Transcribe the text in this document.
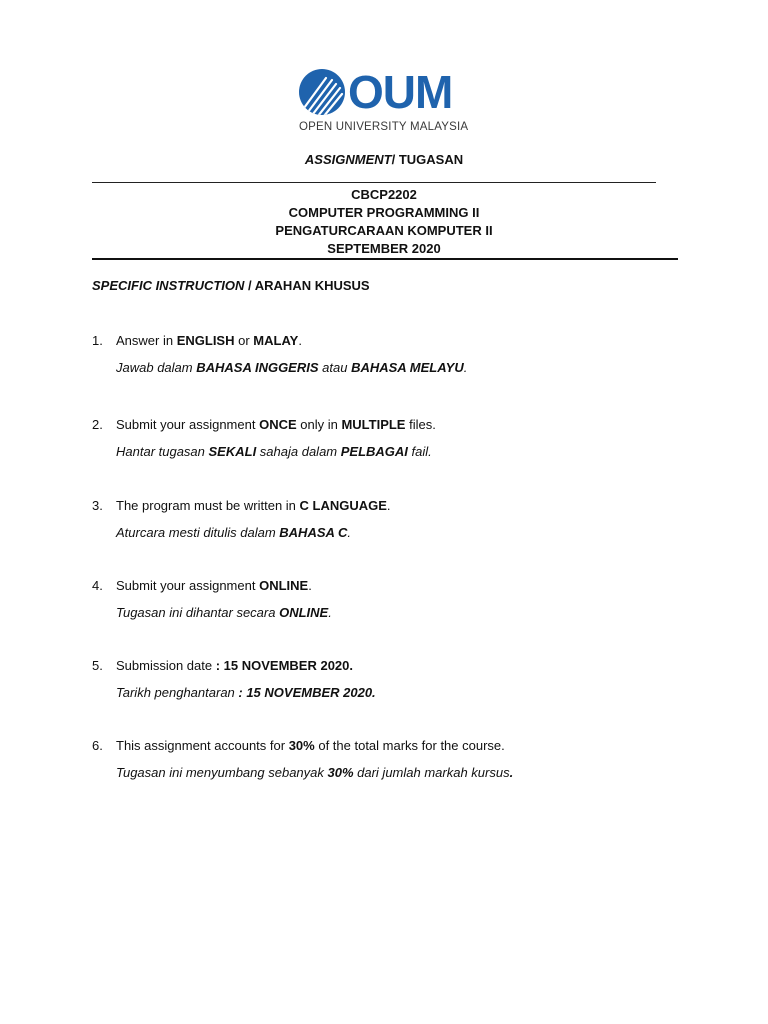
OUM
OPEN UNIVERSITY MALAYSIA
ASSIGNMENT/ TUGASAN
CBCP2202
COMPUTER PROGRAMMING II
PENGATURCARAAN KOMPUTER II
SEPTEMBER 2020
SPECIFIC INSTRUCTION / ARAHAN KHUSUS
1.	Answer in ENGLISH or MALAY.
Jawab dalam BAHASA INGGERIS atau BAHASA MELAYU.
2.	Submit your assignment ONCE only in MULTIPLE files.
Hantar tugasan SEKALI sahaja dalam PELBAGAI fail.
3.	The program must be written in C LANGUAGE.
Aturcara mesti ditulis dalam BAHASA C.
4.	Submit your assignment ONLINE.
Tugasan ini dihantar secara ONLINE.
5.	Submission date : 15 NOVEMBER 2020.
Tarikh penghantaran : 15 NOVEMBER 2020.
6.	This assignment accounts for 30% of the total marks for the course.
Tugasan ini menyumbang sebanyak 30% dari jumlah markah kursus.
